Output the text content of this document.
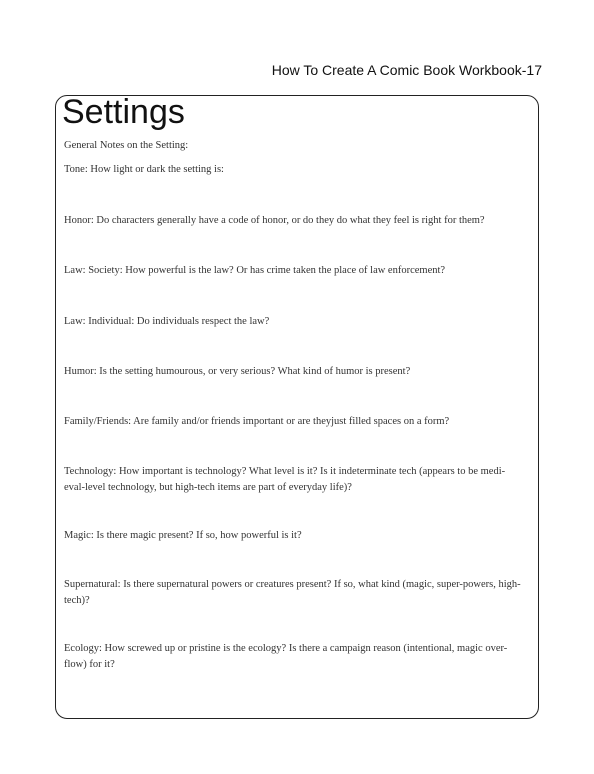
How To Create A Comic Book Workbook-17
Settings
General Notes on the Setting:
Tone: How light or dark the setting is:
Honor: Do characters generally have a code of honor, or do they do what they feel is right for them?
Law: Society: How powerful is the law? Or has crime taken the place of law enforcement?
Law: Individual: Do individuals respect the law?
Humor: Is the setting humourous, or very serious? What kind of humor is present?
Family/Friends: Are family and/or friends important or are theyjust filled spaces on a form?
Technology: How important is technology? What level is it? Is it indeterminate tech (appears to be medi-eval-level technology, but high-tech items are part of everyday life)?
Magic: Is there magic present? If so, how powerful is it?
Supernatural: Is there supernatural powers or creatures present? If so, what kind (magic, super-powers, high-tech)?
Ecology: How screwed up or pristine is the ecology? Is there a campaign reason (intentional, magic over-flow) for it?
